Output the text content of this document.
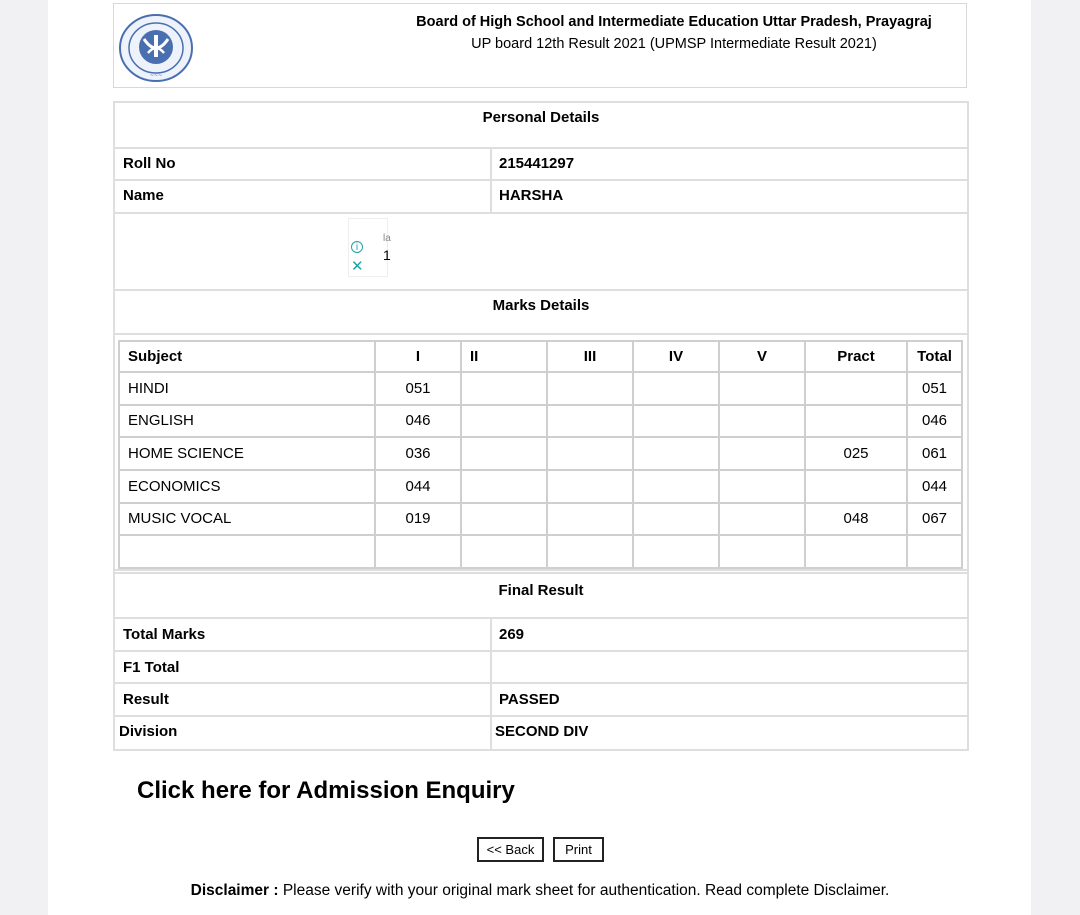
~~~
Board of High School and Intermediate Education Uttar Pradesh, Prayagraj
UP board 12th Result 2021 (UPMSP Intermediate Result 2021)
Personal Details
Roll No	215441297
Name	HARSHA
la
1
i
✕
Marks Details
Subject	I	II	III	IV	V	Pract	Total
HINDI	051						051
ENGLISH	046						046
HOME SCIENCE	036					025	061
ECONOMICS	044						044
MUSIC VOCAL	019					048	067

Final Result
Total Marks	269
F1 Total
Result	PASSED
Division	SECOND DIV
Click here for Admission Enquiry
<< Back	Print
Disclaimer : Please verify with your original mark sheet for authentication. Read complete Disclaimer.
